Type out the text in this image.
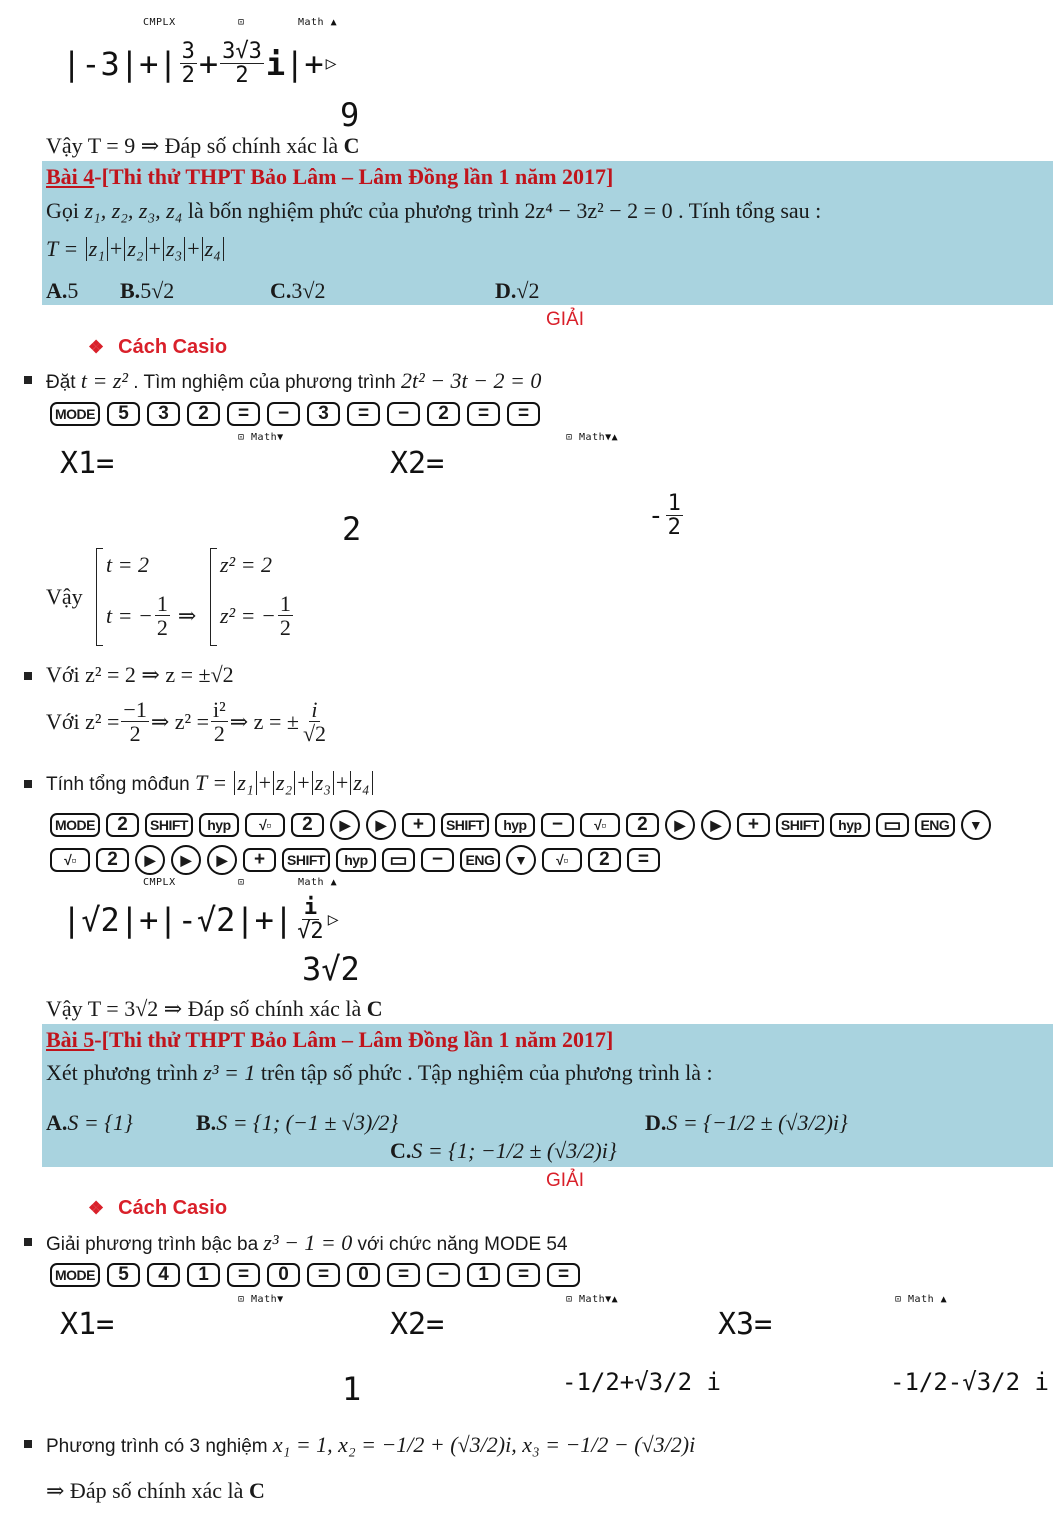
CMPLX	⊡	Math ▲
$|-3|+| \frac{3}{2} + \frac{3√3}{2}$ i |+ ▷
9
Vậy T = 9 ⇒ Đáp số chính xác là C
Bài 4-[Thi thử THPT Bảo Lâm – Lâm Đồng lần 1 năm 2017]
Gọi z₁, z₂, z₃, z₄ là bốn nghiệm phức của phương trình 2z⁴ − 3z² − 2 = 0 . Tính tổng sau :
T = z₁ + z₂ + z₃ + z₄
A.5 B.5√2	C.3√2	D.√2
GIẢI
❖ Cách Casio
Đặt t = z² . Tìm nghiệm của phương trình 2t² − 3t − 2 = 0
MODE	5	3	2	=	−	3	=	−	2	=	=
⊡ Math▼
X1=
2
⊡ Math▼▲
X2=
- $\frac{1}{2}$
Vậy
t = 2
t = − $\frac{1}{2}$ ⇒
z² = 2
z² = − $\frac{1}{2}$
Với z² = 2 ⇒ z = ±√2
Với $z^2 = \frac{-1}{2}$ ⇒ $z^2 = \frac{\text{i²}}{2}$ ⇒ z = ± $\frac{i}{√2}$
Tính tổng môđun T = z₁ + z₂ + z₃ + z₄
MODE	2	SHIFT	hyp	√▫	2	▶	▶	+	SHIFT	hyp	−	√▫	2	▶	▶	+	SHIFT	hyp	▭	ENG	▼
√▫	2	▶	▶	▶	+	SHIFT	hyp	▭	−	ENG	▼	√▫	2	=
CMPLX	⊡	Math ▲
$|√2|+|-√2|+| \frac{i}{√2}$ ▷
3√2
Vậy T = 3√2 ⇒ Đáp số chính xác là C
Bài 5-[Thi thử THPT Bảo Lâm – Lâm Đồng lần 1 năm 2017]
Xét phương trình z³ = 1 trên tập số phức . Tập nghiệm của phương trình là :
A.S = {1}	B.S = {1; (−1 ± √3)/2}	D.S = {−1/2 ± (√3/2)i}
C.S = {1; −1/2 ± (√3/2)i}
GIẢI
❖ Cách Casio
Giải phương trình bậc ba z³ − 1 = 0 với chức năng MODE 54
MODE	5	4	1	=	0	=	0	=	−	1	=	=
⊡ Math▼
X1=
1
⊡ Math▼▲
X2=
-1/2+√3/2 i
⊡ Math ▲
X3=
-1/2-√3/2 i
Phương trình có 3 nghiệm x₁ = 1, x₂ = −1/2 + (√3/2)i, x₃ = −1/2 − (√3/2)i
⇒ Đáp số chính xác là C
